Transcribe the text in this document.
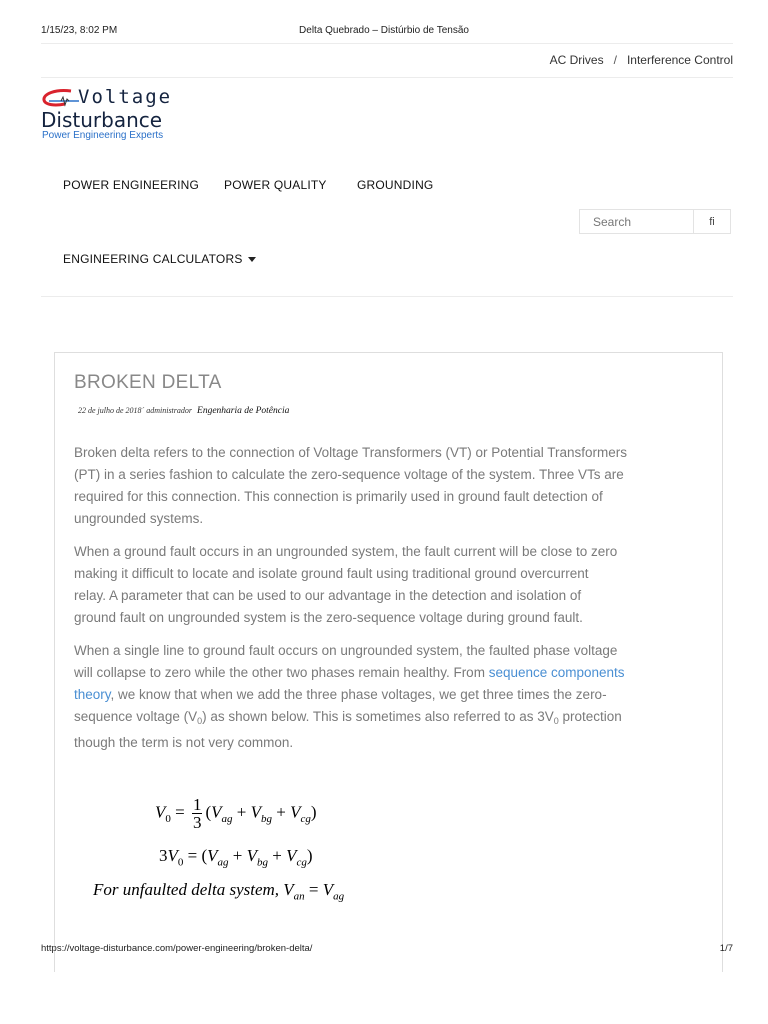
1/15/23, 8:02 PM	Delta Quebrado – Distúrbio de Tensão
AC Drives / Interference Control
Voltage
Disturbance
Power Engineering Experts
POWER ENGINEERING POWER QUALITY	GROUNDING
ENGINEERING CALCULATORS
Search
fi
BROKEN DELTA
22 de julho de 2018´ administrador Engenharia de Potência
Broken delta refers to the connection of Voltage Transformers (VT) or Potential Transformers
(PT) in a series fashion to calculate the zero-sequence voltage of the system. Three VTs are
required for this connection. This connection is primarily used in ground fault detection of
ungrounded systems.
When a ground fault occurs in an ungrounded system, the fault current will be close to zero
making it difficult to locate and isolate ground fault using traditional ground overcurrent
relay. A parameter that can be used to our advantage in the detection and isolation of
ground fault on ungrounded system is the zero-sequence voltage during ground fault.
When a single line to ground fault occurs on ungrounded system, the faulted phase voltage
will collapse to zero while the other two phases remain healthy. From sequence components
theory, we know that when we add the three phase voltages, we get three times the zero-
sequence voltage $(V_0)$ as shown below. This is sometimes also referred to as $3V_0$ protection
though the term is not very common.
$V_0 = \frac{1}{3} (V_{ag} + V_{bg} + V_{cg})$
$3V_0 = (V_{ag} + V_{bg} + V_{cg})$
For unfaulted delta system, $V_{an} = V_{ag}$
https://voltage-disturbance.com/power-engineering/broken-delta/	1/7
